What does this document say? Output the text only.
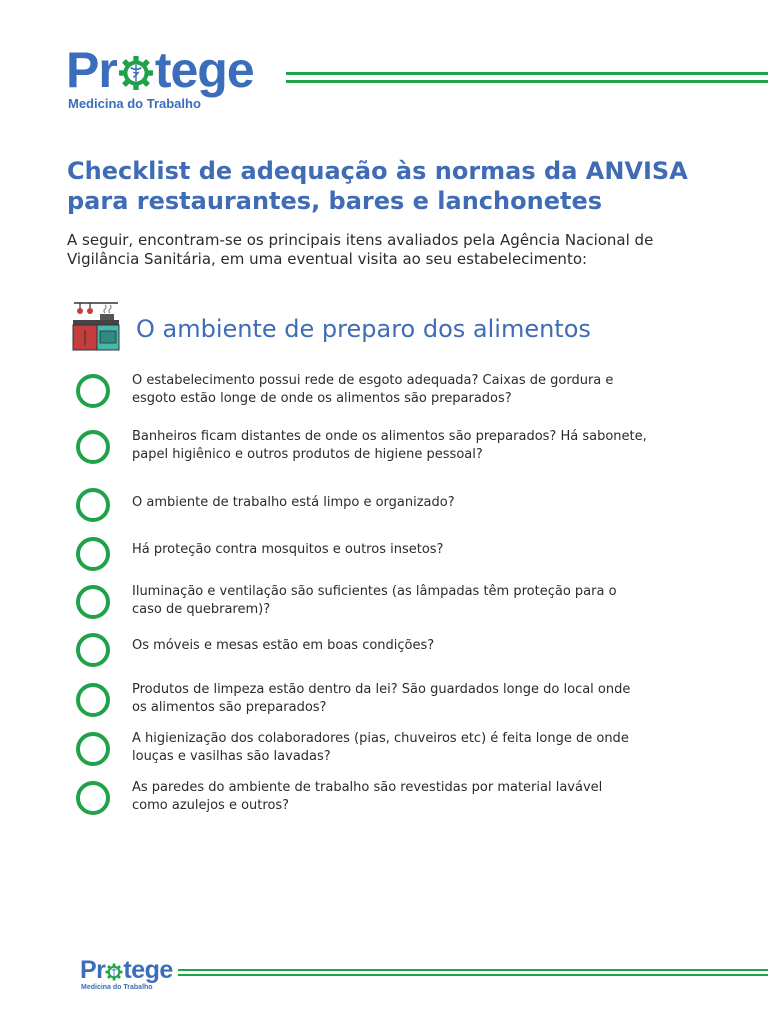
Pr tege
Medicina do Trabalho
Checklist de adequação às normas da ANVISA
para restaurantes, bares e lanchonetes

A seguir, encontram-se os principais itens avaliados pela Agência Nacional de Vigilância Sanitária, em uma eventual visita ao seu estabelecimento:

O ambiente de preparo dos alimentos
O estabelecimento possui rede de esgoto adequada? Caixas de gordura e
esgoto estão longe de onde os alimentos são preparados?
Banheiros ficam distantes de onde os alimentos são preparados? Há sabonete,
papel higiênico e outros produtos de higiene pessoal?
O ambiente de trabalho está limpo e organizado?
Há proteção contra mosquitos e outros insetos?
Iluminação e ventilação são suficientes (as lâmpadas têm proteção para o
caso de quebrarem)?
Os móveis e mesas estão em boas condições?
Produtos de limpeza estão dentro da lei? São guardados longe do local onde
os alimentos são preparados?
A higienização dos colaboradores (pias, chuveiros etc) é feita longe de onde
louças e vasilhas são lavadas?
As paredes do ambiente de trabalho são revestidas por material lavável
como azulejos e outros?
Pr tege
Medicina do Trabalho
